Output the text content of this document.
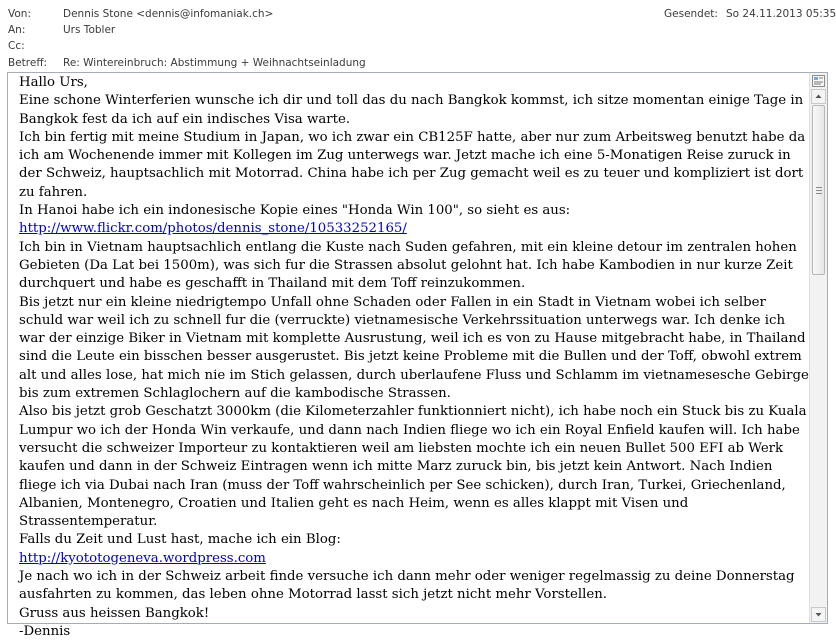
Von:	Dennis Stone <dennis@infomaniak.ch>	Gesendet: So 24.11.2013 05:35
An:	Urs Tobler
Cc:
Betreff: Re: Wintereinbruch: Abstimmung + Weihnachtseinladung

Hallo Urs,

Eine schone Winterferien wunsche ich dir und toll das du nach Bangkok kommst, ich sitze momentan einige Tage in Bangkok fest da ich auf ein indisches Visa warte.

Ich bin fertig mit meine Studium in Japan, wo ich zwar ein CB125F hatte, aber nur zum Arbeitsweg benutzt habe da ich am Wochenende immer mit Kollegen im Zug unterwegs war. Jetzt mache ich eine 5-Monatigen Reise zuruck in der Schweiz, hauptsachlich mit Motorrad. China habe ich per Zug gemacht weil es zu teuer und kompliziert ist dort zu fahren.

In Hanoi habe ich ein indonesische Kopie eines "Honda Win 100", so sieht es aus:

http://www.flickr.com/photos/dennis_stone/10533252165/

Ich bin in Vietnam hauptsachlich entlang die Kuste nach Suden gefahren, mit ein kleine detour im zentralen hohen Gebieten (Da Lat bei 1500m), was sich fur die Strassen absolut gelohnt hat. Ich habe Kambodien in nur kurze Zeit durchquert und habe es geschafft in Thailand mit dem Toff reinzukommen.

Bis jetzt nur ein kleine niedrigtempo Unfall ohne Schaden oder Fallen in ein Stadt in Vietnam wobei ich selber schuld war weil ich zu schnell fur die (verruckte) vietnamesische Verkehrssituation unterwegs war. Ich denke ich war der einzige Biker in Vietnam mit komplette Ausrustung, weil ich es von zu Hause mitgebracht habe, in Thailand sind die Leute ein bisschen besser ausgerustet. Bis jetzt keine Probleme mit die Bullen und der Toff, obwohl extrem alt und alles lose, hat mich nie im Stich gelassen, durch uberlaufene Fluss und Schlamm im vietnamesesche Gebirge bis zum extremen Schlaglochern auf die kambodische Strassen.

Also bis jetzt grob Geschatzt 3000km (die Kilometerzahler funktionniert nicht), ich habe noch ein Stuck bis zu Kuala Lumpur wo ich der Honda Win verkaufe, und dann nach Indien fliege wo ich ein Royal Enfield kaufen will. Ich habe versucht die schweizer Importeur zu kontaktieren weil am liebsten mochte ich ein neuen Bullet 500 EFI ab Werk kaufen und dann in der Schweiz Eintragen wenn ich mitte Marz zuruck bin, bis jetzt kein Antwort. Nach Indien fliege ich via Dubai nach Iran (muss der Toff wahrscheinlich per See schicken), durch Iran, Turkei, Griechenland, Albanien, Montenegro, Croatien und Italien geht es nach Heim, wenn es alles klappt mit Visen und Strassentemperatur.

Falls du Zeit und Lust hast, mache ich ein Blog:

http://kyototogeneva.wordpress.com

Je nach wo ich in der Schweiz arbeit finde versuche ich dann mehr oder weniger regelmassig zu deine Donnerstag ausfahrten zu kommen, das leben ohne Motorrad lasst sich jetzt nicht mehr Vorstellen.

Gruss aus heissen Bangkok!

-Dennis
